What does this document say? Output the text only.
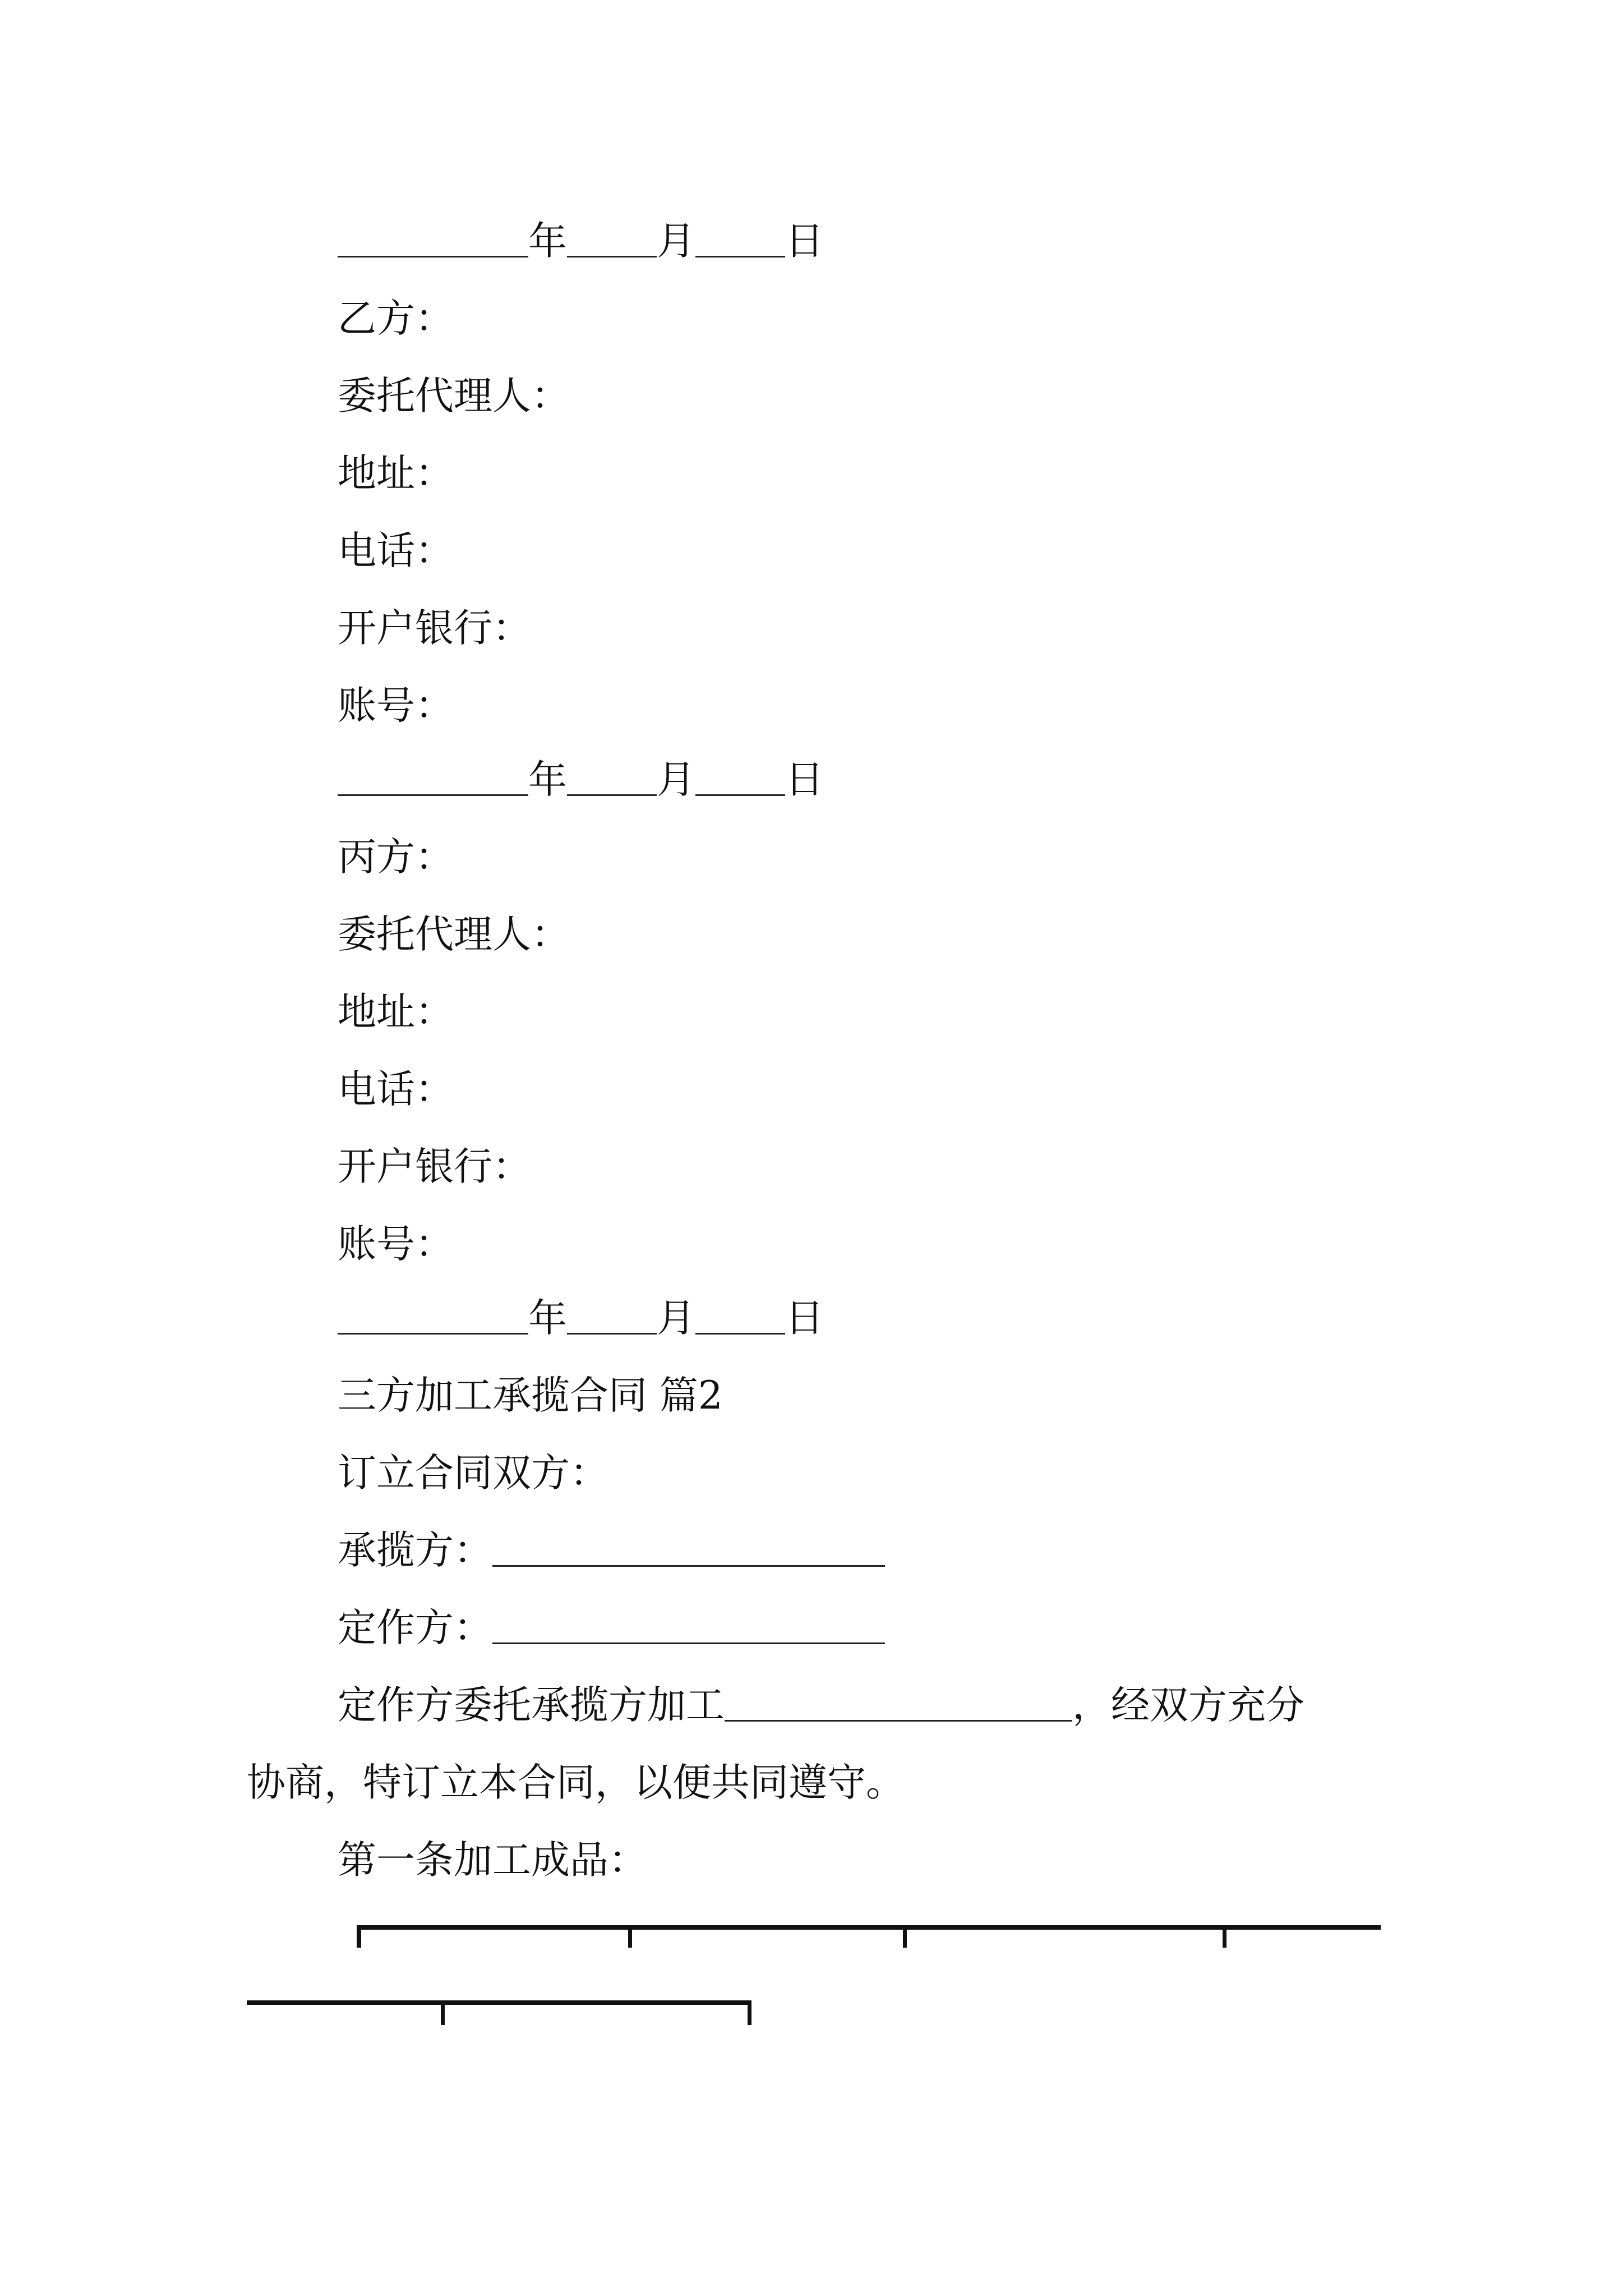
年 月 日
乙方：
委托代理人：
地址：
电话：
开户银行：
账号：
年 月 日
丙方：
委托代理人：
地址：
电话：
开户银行：
账号：
年 月 日
三方加工承揽合同 篇2
订立合同双方：
承揽方：
定作方：
定作方委托承揽方加工	，经双方充分
协商，特订立本合同，以便共同遵守。
第一条加工成品：
